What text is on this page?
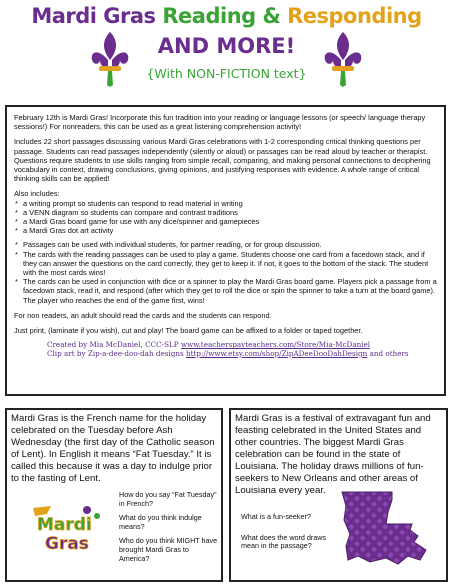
Mardi Gras Reading & Responding
AND MORE!
{With NON-FICTION text}

February 12th is Mardi Gras! Incorporate this fun tradition into your reading or language lessons (or speech/ language therapy sessions!) For nonreaders, this can be used as a great listening comprehension activity!

Includes 22 short passages discussing various Mardi Gras celebrations with 1-2 corresponding critical thinking questions per passage. Students can read passages independently (silently or aloud) or passages can be read aloud by teacher or therapist. Questions require students to use skills ranging from simple recall, comparing, and making personal connections to deciphering vocabulary in context, drawing conclusions, giving opinions, and justifying responses with evidence. A whole range of critical thinking skills can be applied!

Also includes:
* a writing prompt so students can respond to read material in writing
* a VENN diagram so students can compare and contrast traditions
* a Mardi Gras board game for use with any dice/spinner and gamepieces
* a Mardi Gras dot art activity
* Passages can be used with individual students, for partner reading, or for group discussion.
* The cards with the reading passages can be used to play a game. Students choose one card from a facedown stack, and if they can answer the questions on the card correctly, they get to keep it. If not, it goes to the bottom of the stack. The student with the most cards wins!
* The cards can be used in conjunction with dice or a spinner to play the Mardi Gras board game. Players pick a passage from a facedown stack, read it, and respond (after which they get to roll the dice or spin the spinner to take a turn at the board game). The player who reaches the end of the game first, wins!

For non readers, an adult should read the cards and the students can respond.

Just print, (laminate if you wish), cut and play! The board game can be affixed to a folder or taped together.

Created by Mia McDaniel, CCC-SLP www.teacherspayteachers.com/Store/Mia-McDaniel
Clip art by Zip-a-dee-doo-dah designs http://www.etsy.com/shop/ZipADeeDooDahDesign and others

Mardi Gras is the French name for the holiday celebrated on the Tuesday before Ash Wednesday (the first day of the Catholic season of Lent). In English it means “Fat Tuesday.” It is called this because it was a day to indulge prior to the fasting of Lent.

Mardi
Gras

How do you say “Fat Tuesday” in French?

What do you think indulge means?

Who do you think MIGHT have brought Mardi Gras to America?

Mardi Gras is a festival of extravagant fun and feasting celebrated in the United States and other countries. The biggest Mardi Gras celebration can be found in the state of Louisiana. The holiday draws millions of fun-seekers to New Orleans and other areas of Louisiana every year.

What is a fun-seeker?

What does the word draws mean in the passage?
